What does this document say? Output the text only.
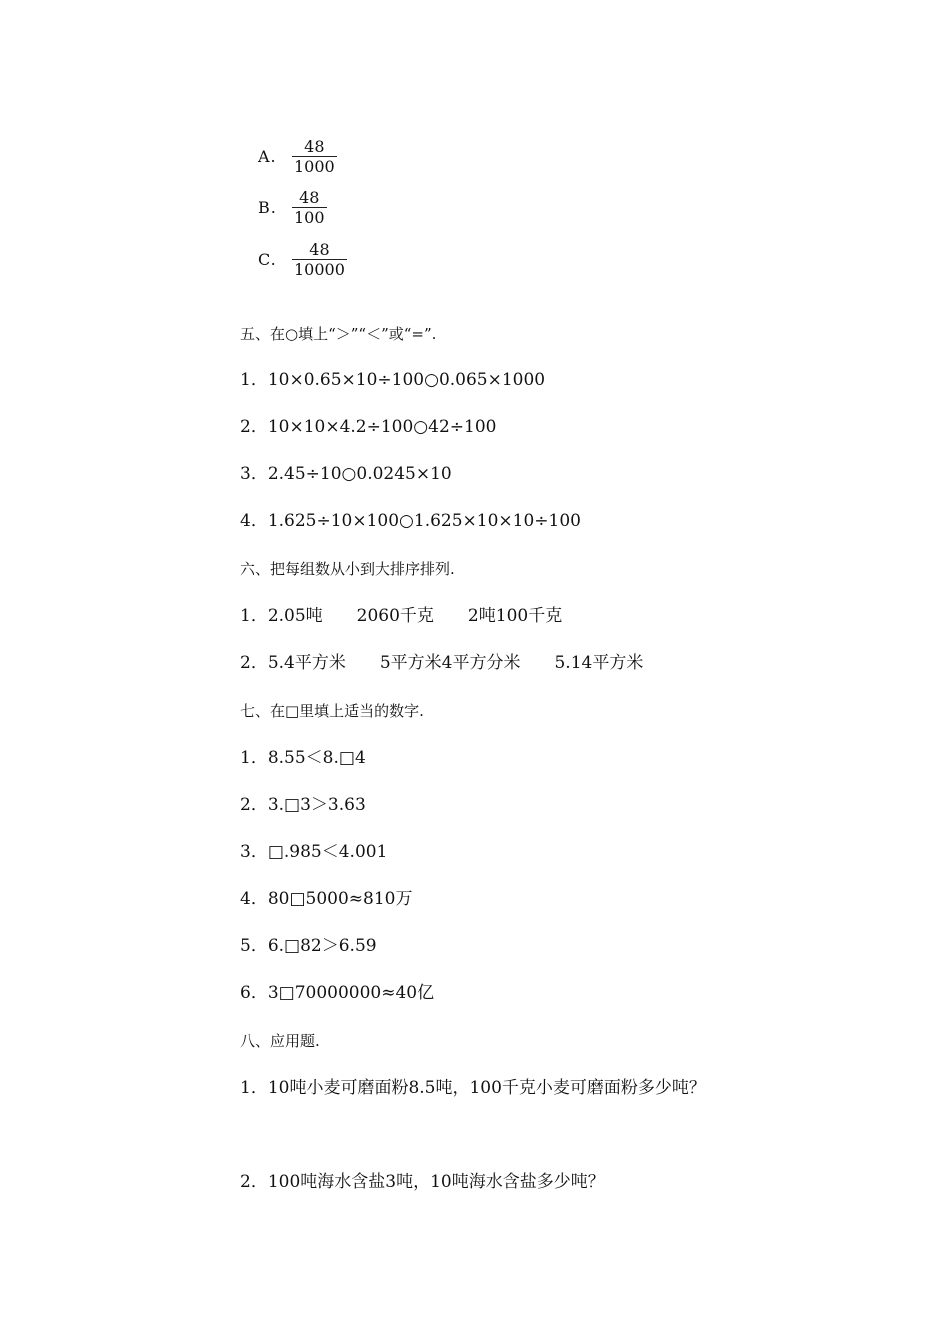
A. $\frac{48}{1000}$
B. $\frac{48}{100}$
C. $\frac{48}{10000}$
五、在○填上“＞”“＜”或“=”.
1．10×0.65×10÷100○0.065×1000
2．10×10×4.2÷100○42÷100
3．2.45÷10○0.0245×10
4．1.625÷10×100○1.625×10×10÷100
六、把每组数从小到大排序排列.
1．2.05吨　　2060千克　　2吨100千克
2．5.4平方米　　5平方米4平方分米　　5.14平方米
七、在□里填上适当的数字.
1．8.55＜8.□4
2．3.□3＞3.63
3．□.985＜4.001
4．80□5000≈810万
5．6.□82＞6.59
6．3□70000000≈40亿
八、应用题.
1．10吨小麦可磨面粉8.5吨，100千克小麦可磨面粉多少吨？
2．100吨海水含盐3吨，10吨海水含盐多少吨？
